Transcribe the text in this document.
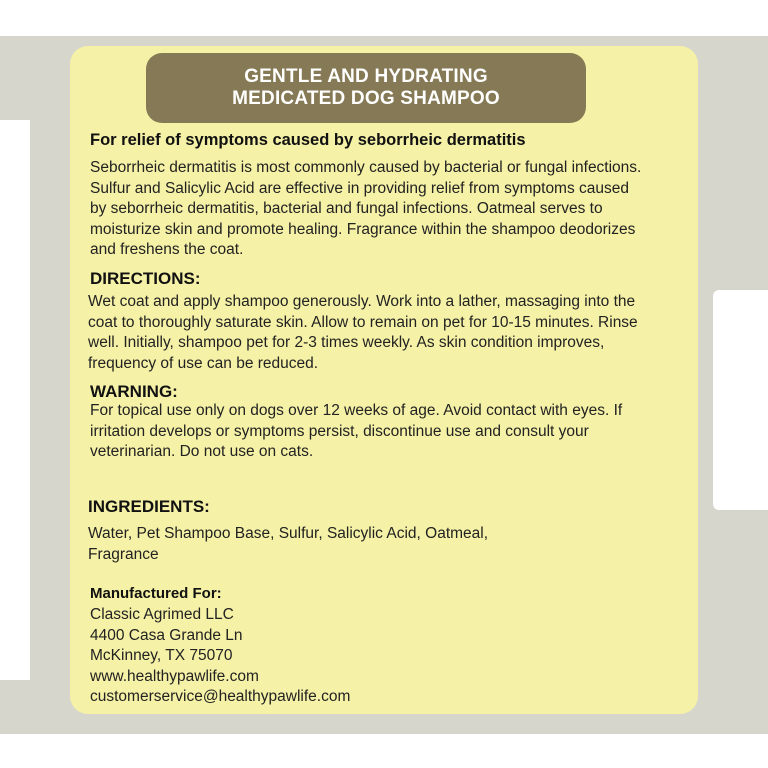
GENTLE AND HYDRATING
MEDICATED DOG SHAMPOO
For relief of symptoms caused by seborrheic dermatitis
Seborrheic dermatitis is most commonly caused by bacterial or fungal infections.
Sulfur and Salicylic Acid are effective in providing relief from symptoms caused
by seborrheic dermatitis, bacterial and fungal infections. Oatmeal serves to
moisturize skin and promote healing. Fragrance within the shampoo deodorizes
and freshens the coat.
DIRECTIONS:
Wet coat and apply shampoo generously. Work into a lather, massaging into the
coat to thoroughly saturate skin. Allow to remain on pet for 10-15 minutes. Rinse
well. Initially, shampoo pet for 2-3 times weekly. As skin condition improves,
frequency of use can be reduced.
WARNING:
For topical use only on dogs over 12 weeks of age. Avoid contact with eyes. If
irritation develops or symptoms persist, discontinue use and consult your
veterinarian. Do not use on cats.
INGREDIENTS:
Water, Pet Shampoo Base, Sulfur, Salicylic Acid, Oatmeal,
Fragrance
Manufactured For:
Classic Agrimed LLC
4400 Casa Grande Ln
McKinney, TX 75070
www.healthypawlife.com
customerservice@healthypawlife.com
